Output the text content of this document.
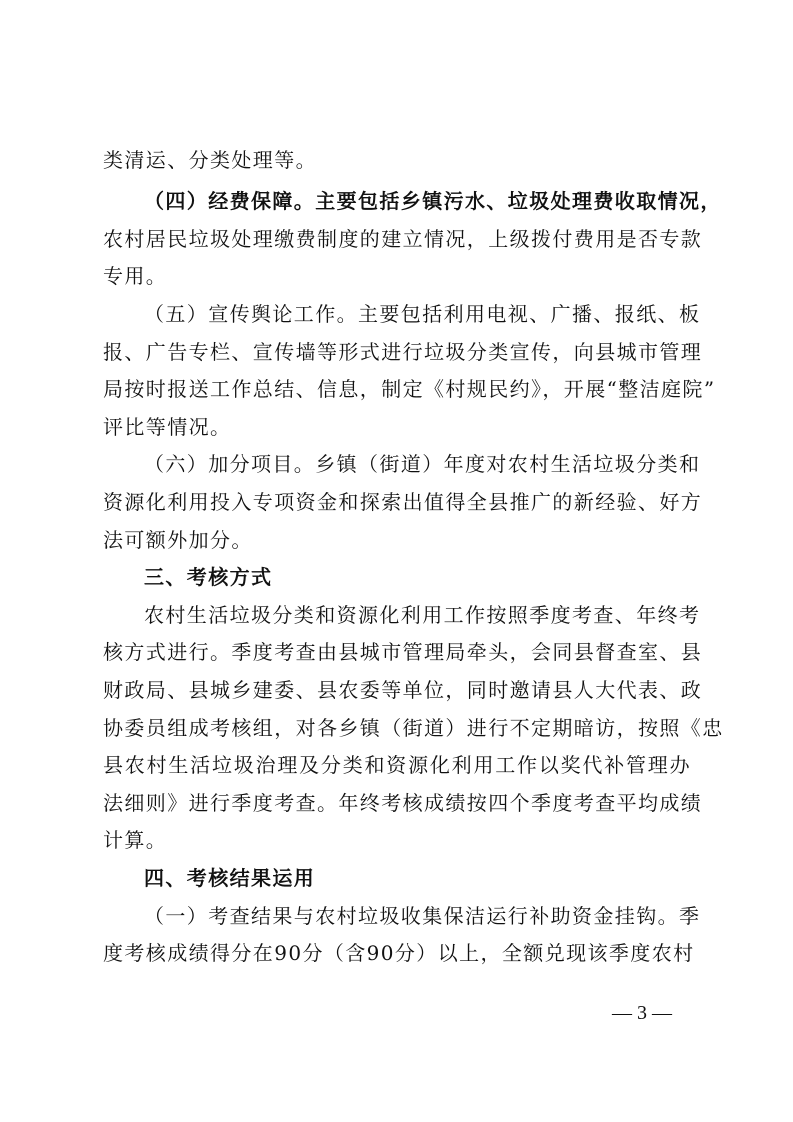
类清运、分类处理等。
（四）经费保障。主要包括乡镇污水、垃圾处理费收取情况，
农村居民垃圾处理缴费制度的建立情况，上级拨付费用是否专款
专用。
（五）宣传舆论工作。主要包括利用电视、广播、报纸、板
报、广告专栏、宣传墙等形式进行垃圾分类宣传，向县城市管理
局按时报送工作总结、信息，制定《村规民约》，开展“整洁庭院”
评比等情况。
（六）加分项目。乡镇（街道）年度对农村生活垃圾分类和
资源化利用投入专项资金和探索出值得全县推广的新经验、好方
法可额外加分。
三、考核方式
农村生活垃圾分类和资源化利用工作按照季度考查、年终考
核方式进行。季度考查由县城市管理局牵头，会同县督查室、县
财政局、县城乡建委、县农委等单位，同时邀请县人大代表、政
协委员组成考核组，对各乡镇（街道）进行不定期暗访，按照《忠
县农村生活垃圾治理及分类和资源化利用工作以奖代补管理办
法细则》进行季度考查。年终考核成绩按四个季度考查平均成绩
计算。
四、考核结果运用
（一）考查结果与农村垃圾收集保洁运行补助资金挂钩。季
度考核成绩得分在90分（含90分）以上，全额兑现该季度农村
— 3 —
